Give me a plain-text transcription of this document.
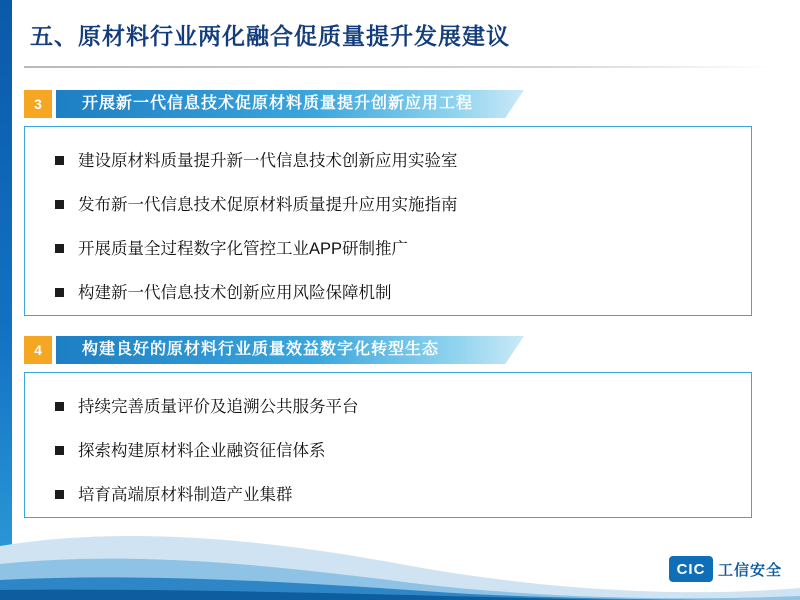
五、原材料行业两化融合促质量提升发展建议
3	开展新一代信息技术促原材料质量提升创新应用工程
建设原材料质量提升新一代信息技术创新应用实验室
发布新一代信息技术促原材料质量提升应用实施指南
开展质量全过程数字化管控工业APP研制推广
构建新一代信息技术创新应用风险保障机制
4	构建良好的原材料行业质量效益数字化转型生态
持续完善质量评价及追溯公共服务平台
探索构建原材料企业融资征信体系
培育高端原材料制造产业集群
CIC 工信安全
